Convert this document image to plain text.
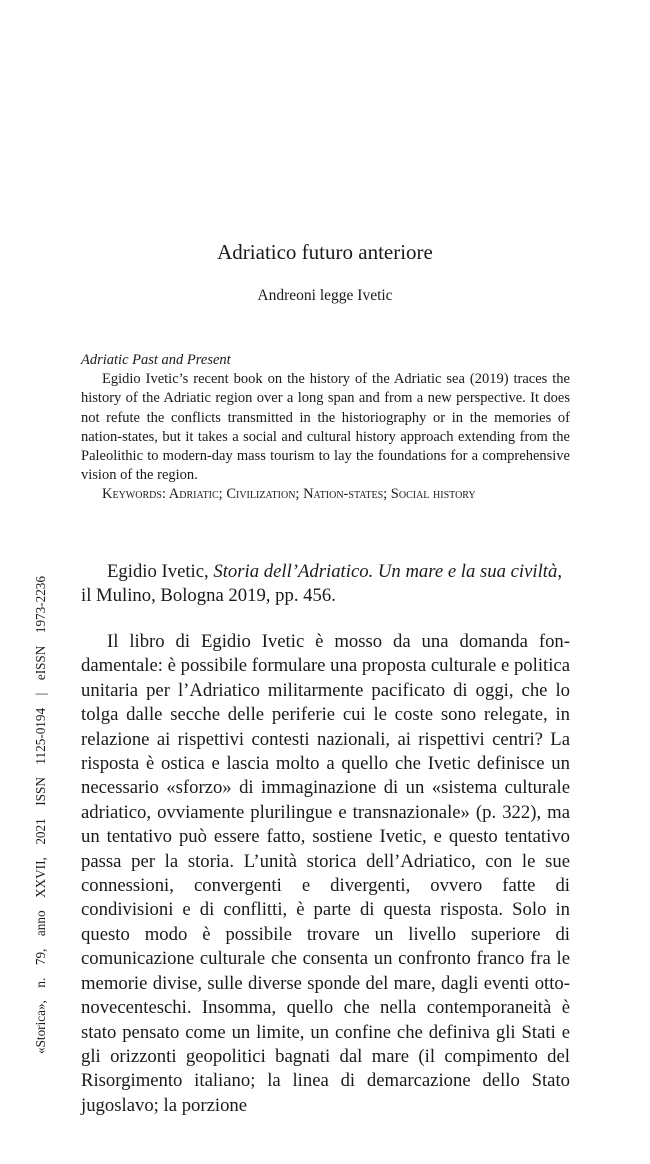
Adriatico futuro anteriore
Andreoni legge Ivetic
Adriatic Past and Present
Egidio Ivetic’s recent book on the history of the Adriatic sea (2019) traces the history of the Adriatic region over a long span and from a new perspective. It does not refute the conflicts transmitted in the historiography or in the memories of nation-states, but it takes a social and cultural history approach extending from the Paleolithic to modern-day mass tourism to lay the foundations for a comprehensive vision of the region.
Keywords: Adriatic; Civilization; Nation-states; Social history
Egidio Ivetic, Storia dell’Adriatico. Un mare e la sua civiltà, il Mulino, Bologna 2019, pp. 456.
Il libro di Egidio Ivetic è mosso da una domanda fondamentale: è possibile formulare una proposta culturale e politica unitaria per l’Adriatico militarmente pacificato di oggi, che lo tolga dalle secche delle periferie cui le coste sono relegate, in relazione ai rispettivi contesti nazionali, ai rispettivi centri? La risposta è ostica e lascia molto a quello che Ivetic definisce un necessario «sforzo» di immaginazione di un «sistema culturale adriatico, ovviamente plurilingue e transnazionale» (p. 322), ma un tentativo può essere fatto, sostiene Ivetic, e questo tentativo passa per la storia. L’unità storica dell’Adriatico, con le sue connessioni, convergenti e divergenti, ovvero fatte di condivisioni e di conflitti, è parte di questa risposta. Solo in questo modo è possibile trovare un livello superiore di comunicazione culturale che consenta un confronto franco fra le memorie divise, sulle diverse sponde del mare, dagli eventi otto-novecenteschi. Insomma, quello che nella contemporaneità è stato pensato come un limite, un confine che definiva gli Stati e gli orizzonti geopolitici bagnati dal mare (il compimento del Risorgimento italiano; la linea di demarcazione dello Stato jugoslavo; la porzione
«Storica», n. 79, anno XXVII, 2021 ISSN 1125-0194 | eISSN 1973-2236
